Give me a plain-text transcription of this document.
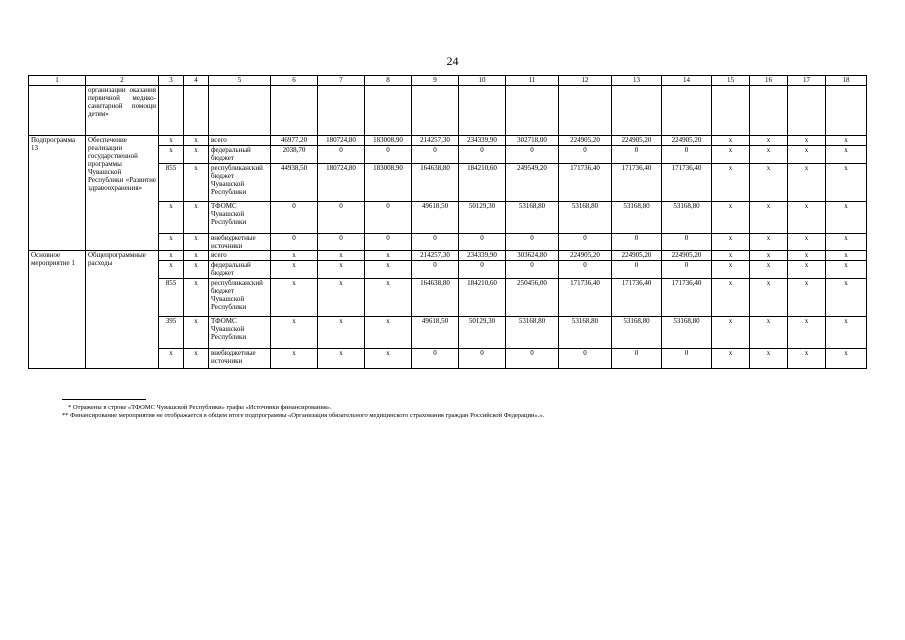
24
1	2	3	4	5	6	7	8	9	10	11	12	13	14	15	16	17	18
	организации оказания первичной медико-санитарной помощи детям»																
Подпрограмма 13	Обеспечение реализации государственной программы Чувашской Республики «Развитие здравоохранения»	x	x	всего	46977,20	180724,80	183008,90	214257,30	234339,90	302718,00	224905,20	224905,20	224905,20	x	x	x	x
		x	x	федеральный бюджет	2038,70	0	0	0	0	0	0	0	0	x	x	x	x
		855	x	республиканский бюджет Чувашской Республики	44938,50	180724,80	183008,90	164638,80	184210,60	249549,20	171736,40	171736,40	171736,40	x	x	x	x
		x	x	ТФОМС Чувашской Республики	0	0	0	49618,50	50129,30	53168,80	53168,80	53168,80	53168,80	x	x	x	x
		x	x	внебюджетные источники	0	0	0	0	0	0	0	0	0	x	x	x	x
Основное мероприятие 1	Общепрограммные расходы	x	x	всего	x	x	x	214257,30	234339,90	303624,80	224905,20	224905,20	224905,20	x	x	x	x
		x	x	федеральный бюджет	x	x	x	0	0	0	0	0	0	x	x	x	x
		855	x	республиканский бюджет Чувашской Республики	x	x	x	164638,80	184210,60	250456,00	171736,40	171736,40	171736,40	x	x	x	x
		395	x	ТФОМС Чувашской Республики	x	x	x	49618,50	50129,30	53168,80	53168,80	53168,80	53168,80	x	x	x	x
		x	x	внебюджетные источники	x	x	x	0	0	0	0	0	0	x	x	x	x
* Отражены в строке «ТФОМС Чувашской Республики» графы «Источники финансирования».
** Финансирование мероприятия не отображается в общем итоге подпрограммы «Организация обязательного медицинского страхования граждан Российской Федерации».».
